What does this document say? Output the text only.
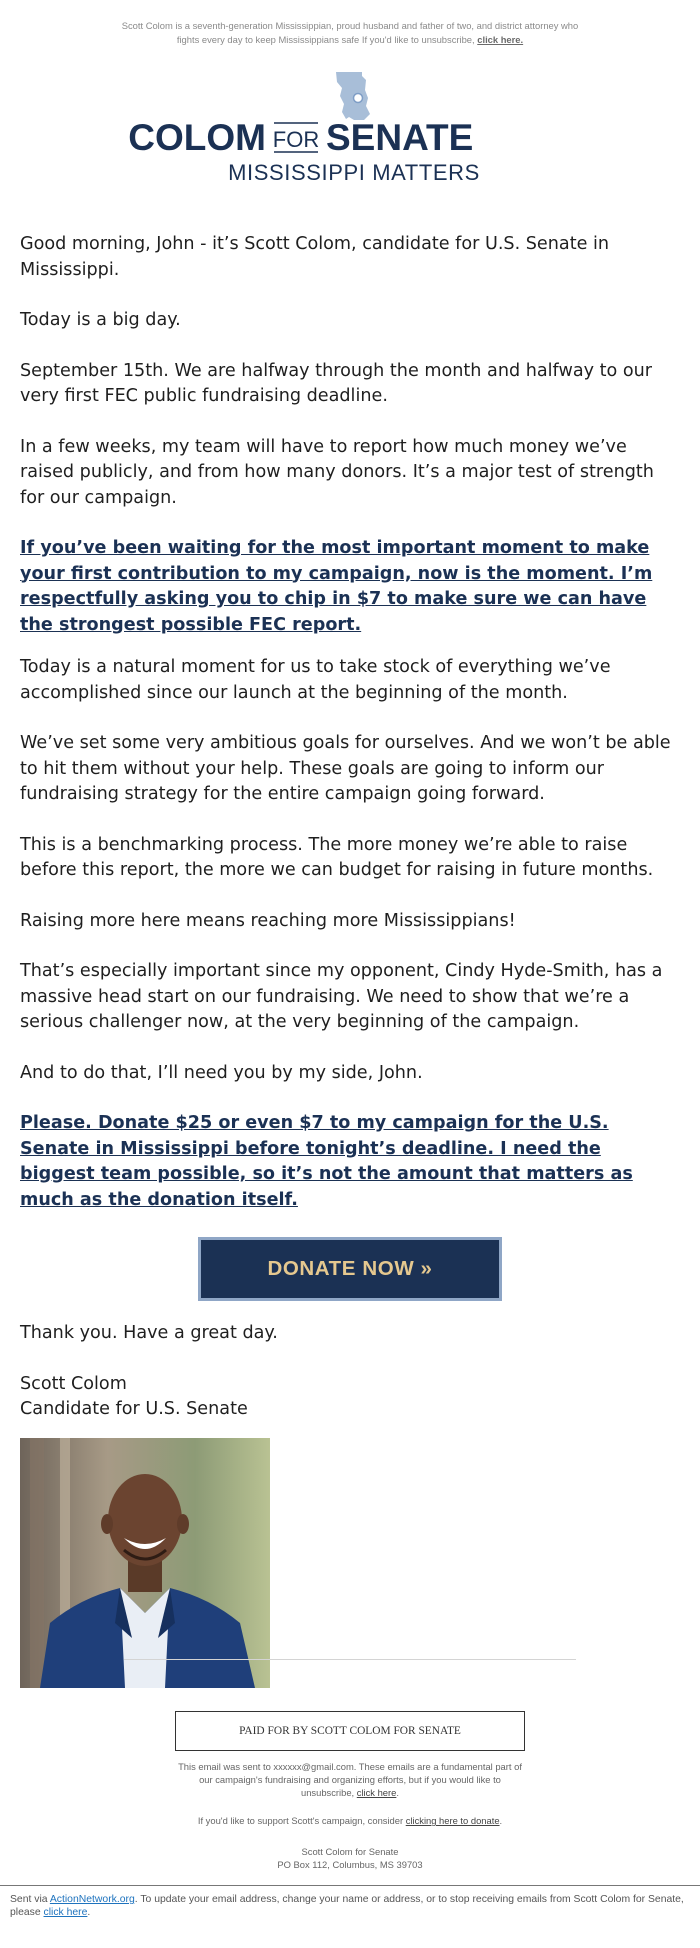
Scott Colom is a seventh-generation Mississippian, proud husband and father of two, and district attorney who fights every day to keep Mississippians safe If you'd like to unsubscribe, click here.
COLOM FOR SENATE
MISSISSIPPI MATTERS

Good morning, John - it’s Scott Colom, candidate for U.S. Senate in Mississippi.

Today is a big day.

September 15th. We are halfway through the month and halfway to our very first FEC public fundraising deadline.

In a few weeks, my team will have to report how much money we’ve raised publicly, and from how many donors. It’s a major test of strength for our campaign.

If you’ve been waiting for the most important moment to make your first contribution to my campaign, now is the moment. I’m respectfully asking you to chip in $7 to make sure we can have the strongest possible FEC report.

Today is a natural moment for us to take stock of everything we’ve accomplished since our launch at the beginning of the month.

We’ve set some very ambitious goals for ourselves. And we won’t be able to hit them without your help. These goals are going to inform our fundraising strategy for the entire campaign going forward.

This is a benchmarking process. The more money we’re able to raise before this report, the more we can budget for raising in future months.

Raising more here means reaching more Mississippians!

That’s especially important since my opponent, Cindy Hyde-Smith, has a massive head start on our fundraising. We need to show that we’re a serious challenger now, at the very beginning of the campaign.

And to do that, I’ll need you by my side, John.

Please. Donate $25 or even $7 to my campaign for the U.S. Senate in Mississippi before tonight’s deadline. I need the biggest team possible, so it’s not the amount that matters as much as the donation itself.

DONATE NOW »

Thank you. Have a great day.

Scott Colom
Candidate for U.S. Senate

PAID FOR BY SCOTT COLOM FOR SENATE
This email was sent to xxxxxx@gmail.com. These emails are a fundamental part of our campaign's fundraising and organizing efforts, but if you would like to unsubscribe, click here.
If you'd like to support Scott's campaign, consider clicking here to donate.
Scott Colom for Senate
PO Box 112, Columbus, MS 39703
Sent via ActionNetwork.org. To update your email address, change your name or address, or to stop receiving emails from Scott Colom for Senate, please click here.
